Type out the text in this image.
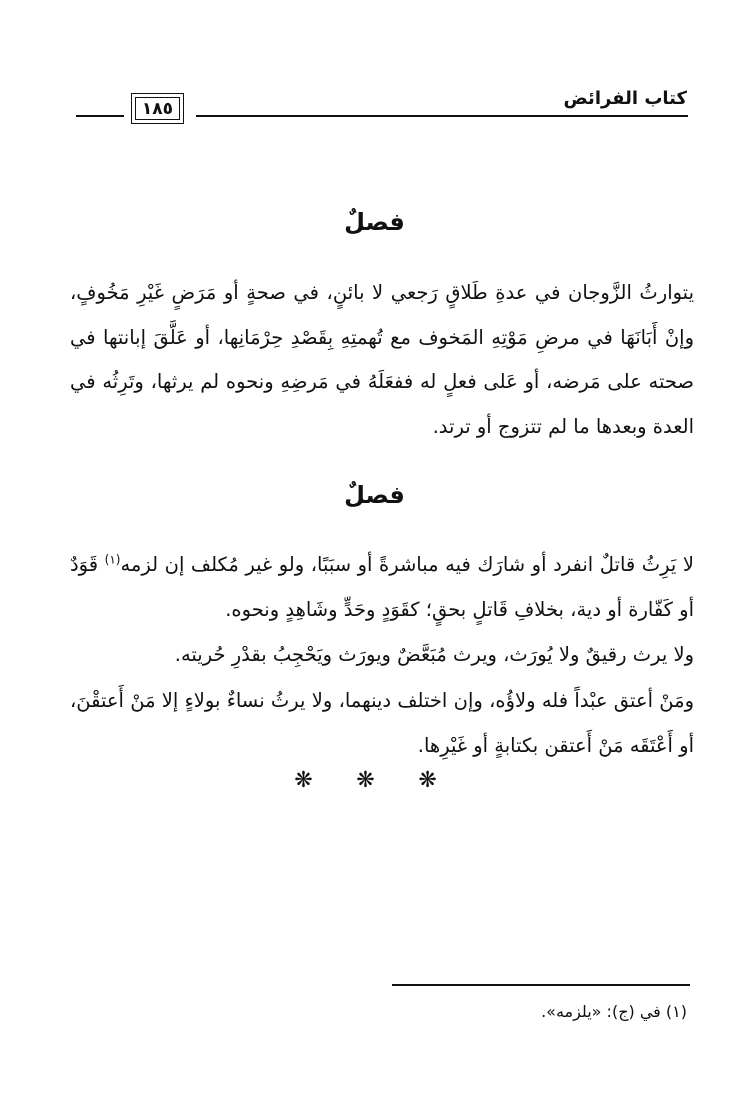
كتاب الفرائض
١٨٥
فصلٌ
يتوارثُ الزَّوجان في عدةِ طَلاقٍ رَجعي لا بائنٍ، في صحةٍ أو مَرَضٍ غَيْرِ مَخُوفٍ، وإنْ أَبَانَهَا في مرضِ مَوْتِهِ المَخوف مع تُهمتِهِ بِقَصْدِ حِرْمَانِها، أو عَلَّقَ إبانتها في صحته على مَرضه، أو عَلى فعلٍ له ففعَلَهُ في مَرضِهِ ونحوه لم يرثها، وتَرِثُه في العدة وبعدها ما لم تتزوج أو ترتد.
فصلٌ
لا يَرِثُ قاتلٌ انفرد أو شارَك فيه مباشرةً أو سبَبًا، ولو غير مُكلف إن لزمه$^{(١)}$ قَوَدٌ أو كَفّارة أو دية، بخلافِ قَاتلٍ بحقٍ؛ كقَوَدٍ وحَدٍّ وشَاهِدٍ ونحوه.
ولا يرث رقيقٌ ولا يُورَث، ويرث مُبَعَّضٌ ويورَث ويَحْجِبُ بقدْرِ حُريته.
ومَنْ أعتق عبْداً فله ولاؤُه، وإن اختلف دينهما، ولا يرثُ نساءٌ بولاءٍ إلا مَنْ أَعتقْنَ، أو أَعْتَقَه مَنْ أَعتقن بكتابةٍ أو غَيْرِها.
❋ ❋ ❋
(١) في (ج): «يلزمه».
